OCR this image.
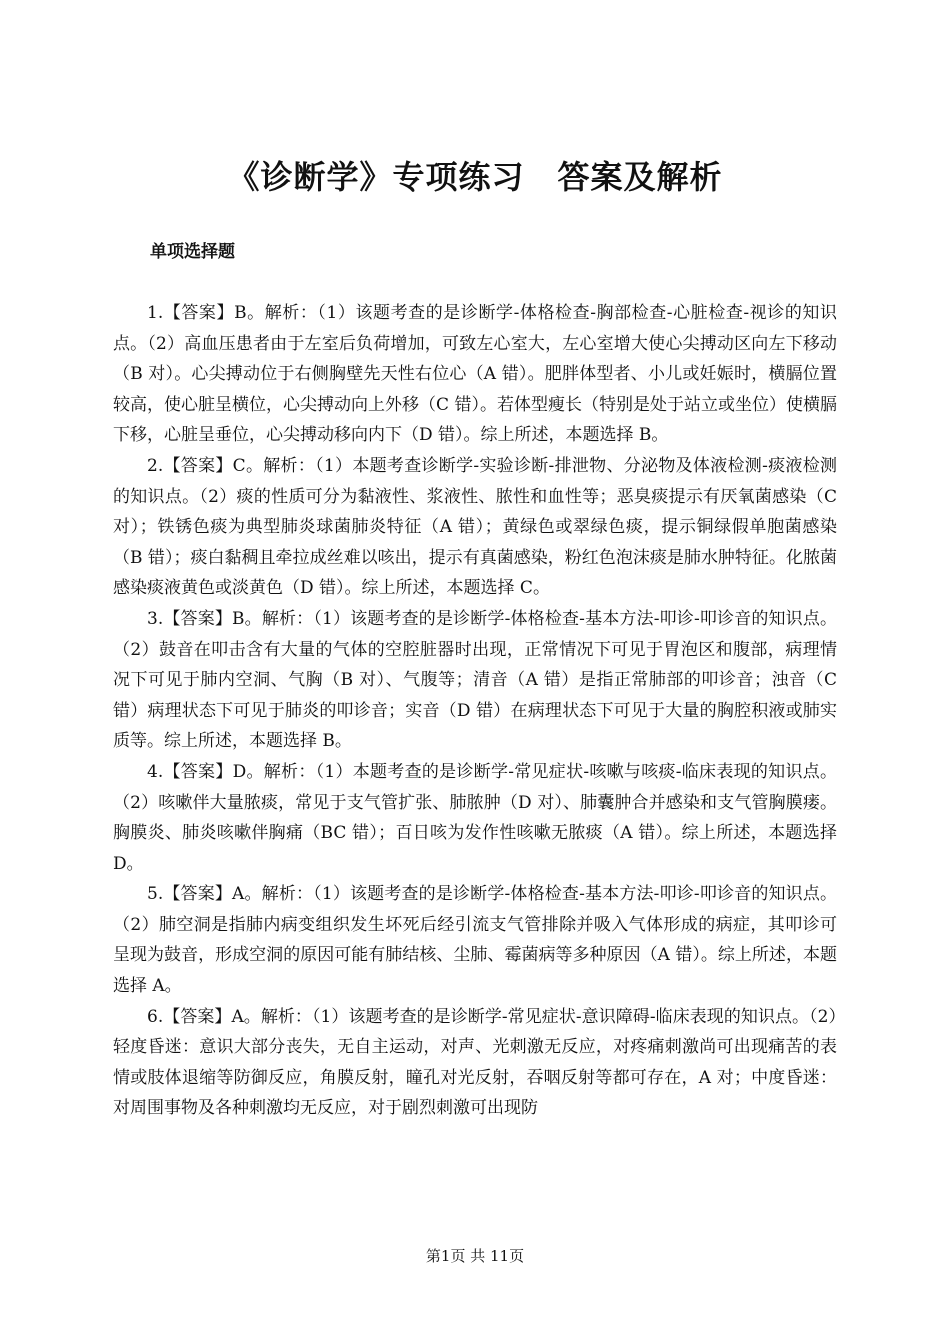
《诊断学》专项练习　答案及解析
单项选择题

1.【答案】B。解析：（1）该题考查的是诊断学-体格检查-胸部检查-心脏检查-视诊的知识点。（2）高血压患者由于左室后负荷增加，可致左心室大，左心室增大使心尖搏动区向左下移动（B 对）。心尖搏动位于右侧胸壁先天性右位心（A 错）。肥胖体型者、小儿或妊娠时，横膈位置较高，使心脏呈横位，心尖搏动向上外移（C 错）。若体型瘦长（特别是处于站立或坐位）使横膈下移，心脏呈垂位，心尖搏动移向内下（D 错）。综上所述，本题选择 B。

2.【答案】C。解析：（1）本题考查诊断学-实验诊断-排泄物、分泌物及体液检测-痰液检测的知识点。（2）痰的性质可分为黏液性、浆液性、脓性和血性等；恶臭痰提示有厌氧菌感染（C 对）；铁锈色痰为典型肺炎球菌肺炎特征（A 错）；黄绿色或翠绿色痰，提示铜绿假单胞菌感染（B 错）；痰白黏稠且牵拉成丝难以咳出，提示有真菌感染，粉红色泡沫痰是肺水肿特征。化脓菌感染痰液黄色或淡黄色（D 错）。综上所述，本题选择 C。

3.【答案】B。解析：（1）该题考查的是诊断学-体格检查-基本方法-叩诊-叩诊音的知识点。（2）鼓音在叩击含有大量的气体的空腔脏器时出现，正常情况下可见于胃泡区和腹部，病理情况下可见于肺内空洞、气胸（B 对）、气腹等；清音（A 错）是指正常肺部的叩诊音；浊音（C 错）病理状态下可见于肺炎的叩诊音；实音（D 错）在病理状态下可见于大量的胸腔积液或肺实质等。综上所述，本题选择 B。

4.【答案】D。解析：（1）本题考查的是诊断学-常见症状-咳嗽与咳痰-临床表现的知识点。（2）咳嗽伴大量脓痰，常见于支气管扩张、肺脓肿（D 对）、肺囊肿合并感染和支气管胸膜瘘。胸膜炎、肺炎咳嗽伴胸痛（BC 错）；百日咳为发作性咳嗽无脓痰（A 错）。综上所述，本题选择 D。

5.【答案】A。解析：（1）该题考查的是诊断学-体格检查-基本方法-叩诊-叩诊音的知识点。（2）肺空洞是指肺内病变组织发生坏死后经引流支气管排除并吸入气体形成的病症，其叩诊可呈现为鼓音，形成空洞的原因可能有肺结核、尘肺、霉菌病等多种原因（A 错）。综上所述，本题选择 A。

6.【答案】A。解析：（1）该题考查的是诊断学-常见症状-意识障碍-临床表现的知识点。（2）轻度昏迷：意识大部分丧失，无自主运动，对声、光刺激无反应，对疼痛刺激尚可出现痛苦的表情或肢体退缩等防御反应，角膜反射，瞳孔对光反射，吞咽反射等都可存在，A 对；中度昏迷：对周围事物及各种刺激均无反应，对于剧烈刺激可出现防

第1页 共 11页
